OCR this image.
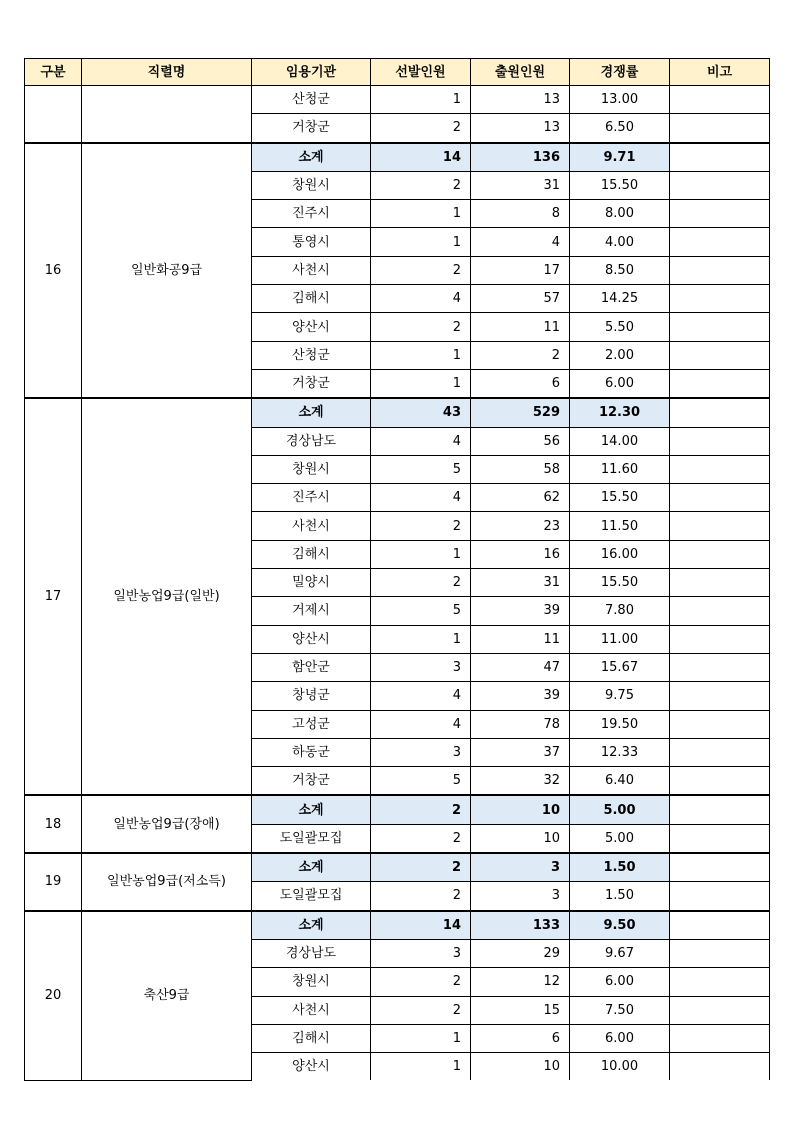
구분	직렬명	임용기관	선발인원	출원인원	경쟁률	비고
		산청군	1	13	13.00	
		거창군	2	13	6.50	
16	일반화공9급	소계	14	136	9.71	
		창원시	2	31	15.50	
		진주시	1	8	8.00	
		통영시	1	4	4.00	
		사천시	2	17	8.50	
		김해시	4	57	14.25	
		양산시	2	11	5.50	
		산청군	1	2	2.00	
		거창군	1	6	6.00	
17	일반농업9급(일반)	소계	43	529	12.30	
		경상남도	4	56	14.00	
		창원시	5	58	11.60	
		진주시	4	62	15.50	
		사천시	2	23	11.50	
		김해시	1	16	16.00	
		밀양시	2	31	15.50	
		거제시	5	39	7.80	
		양산시	1	11	11.00	
		함안군	3	47	15.67	
		창녕군	4	39	9.75	
		고성군	4	78	19.50	
		하동군	3	37	12.33	
		거창군	5	32	6.40	
18	일반농업9급(장애)	소계	2	10	5.00	
		도일괄모집	2	10	5.00	
19	일반농업9급(저소득)	소계	2	3	1.50	
		도일괄모집	2	3	1.50	
20	축산9급	소계	14	133	9.50	
		경상남도	3	29	9.67	
		창원시	2	12	6.00	
		사천시	2	15	7.50	
		김해시	1	6	6.00	
		양산시	1	10	10.00	
